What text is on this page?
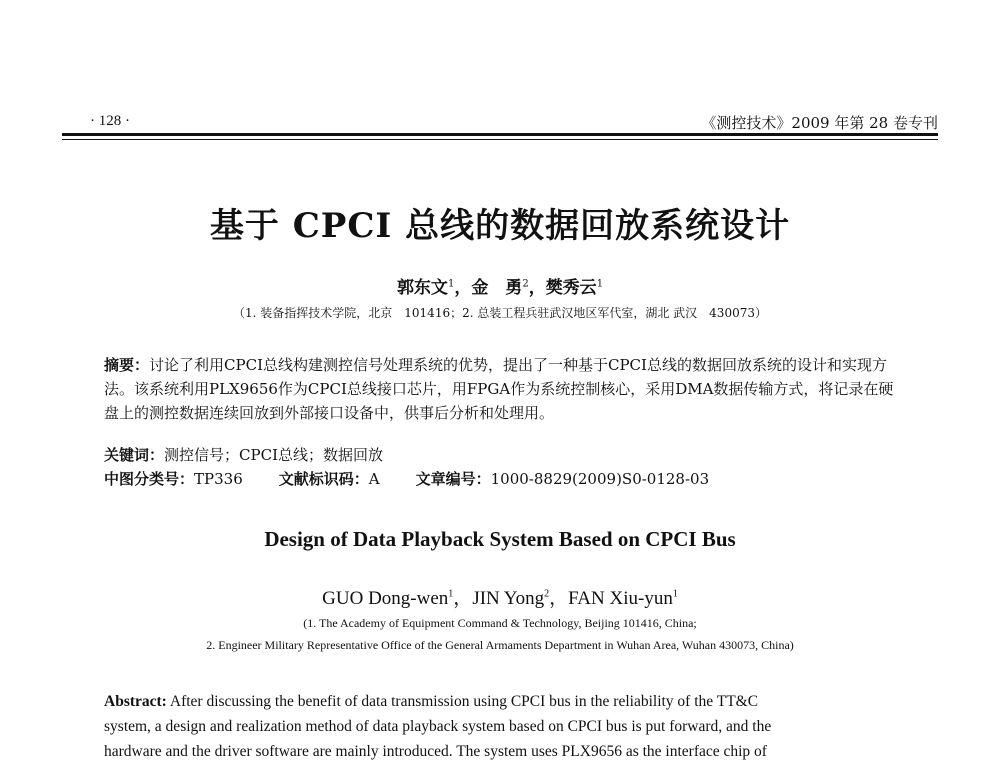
· 128 ·	《测控技术》2009 年第 28 卷专刊
基于 CPCI 总线的数据回放系统设计
郭东文$^1$，金　勇$^2$，樊秀云$^1$
（1. 装备指挥技术学院，北京　101416；2. 总装工程兵驻武汉地区军代室，湖北 武汉　430073）
摘要：讨论了利用CPCI总线构建测控信号处理系统的优势，提出了一种基于CPCI总线的数据回放系统的设计和实现方法。该系统利用PLX9656作为CPCI总线接口芯片，用FPGA作为系统控制核心，采用DMA数据传输方式，将记录在硬盘上的测控数据连续回放到外部接口设备中，供事后分析和处理用。
关键词：测控信号；CPCI总线；数据回放
中图分类号：TP336 文献标识码：A 文章编号：1000-8829(2009)S0-0128-03
Design of Data Playback System Based on CPCI Bus
GUO Dong-wen$^1$，JIN Yong$^2$，FAN Xiu-yun$^1$
(1. The Academy of Equipment Command & Technology, Beijing 101416, China;
2. Engineer Military Representative Office of the General Armaments Department in Wuhan Area, Wuhan 430073, China)
Abstract: After discussing the benefit of data transmission using CPCI bus in the reliability of the TT&C
system, a design and realization method of data playback system based on CPCI bus is put forward, and the
hardware and the driver software are mainly introduced. The system uses PLX9656 as the interface chip of
